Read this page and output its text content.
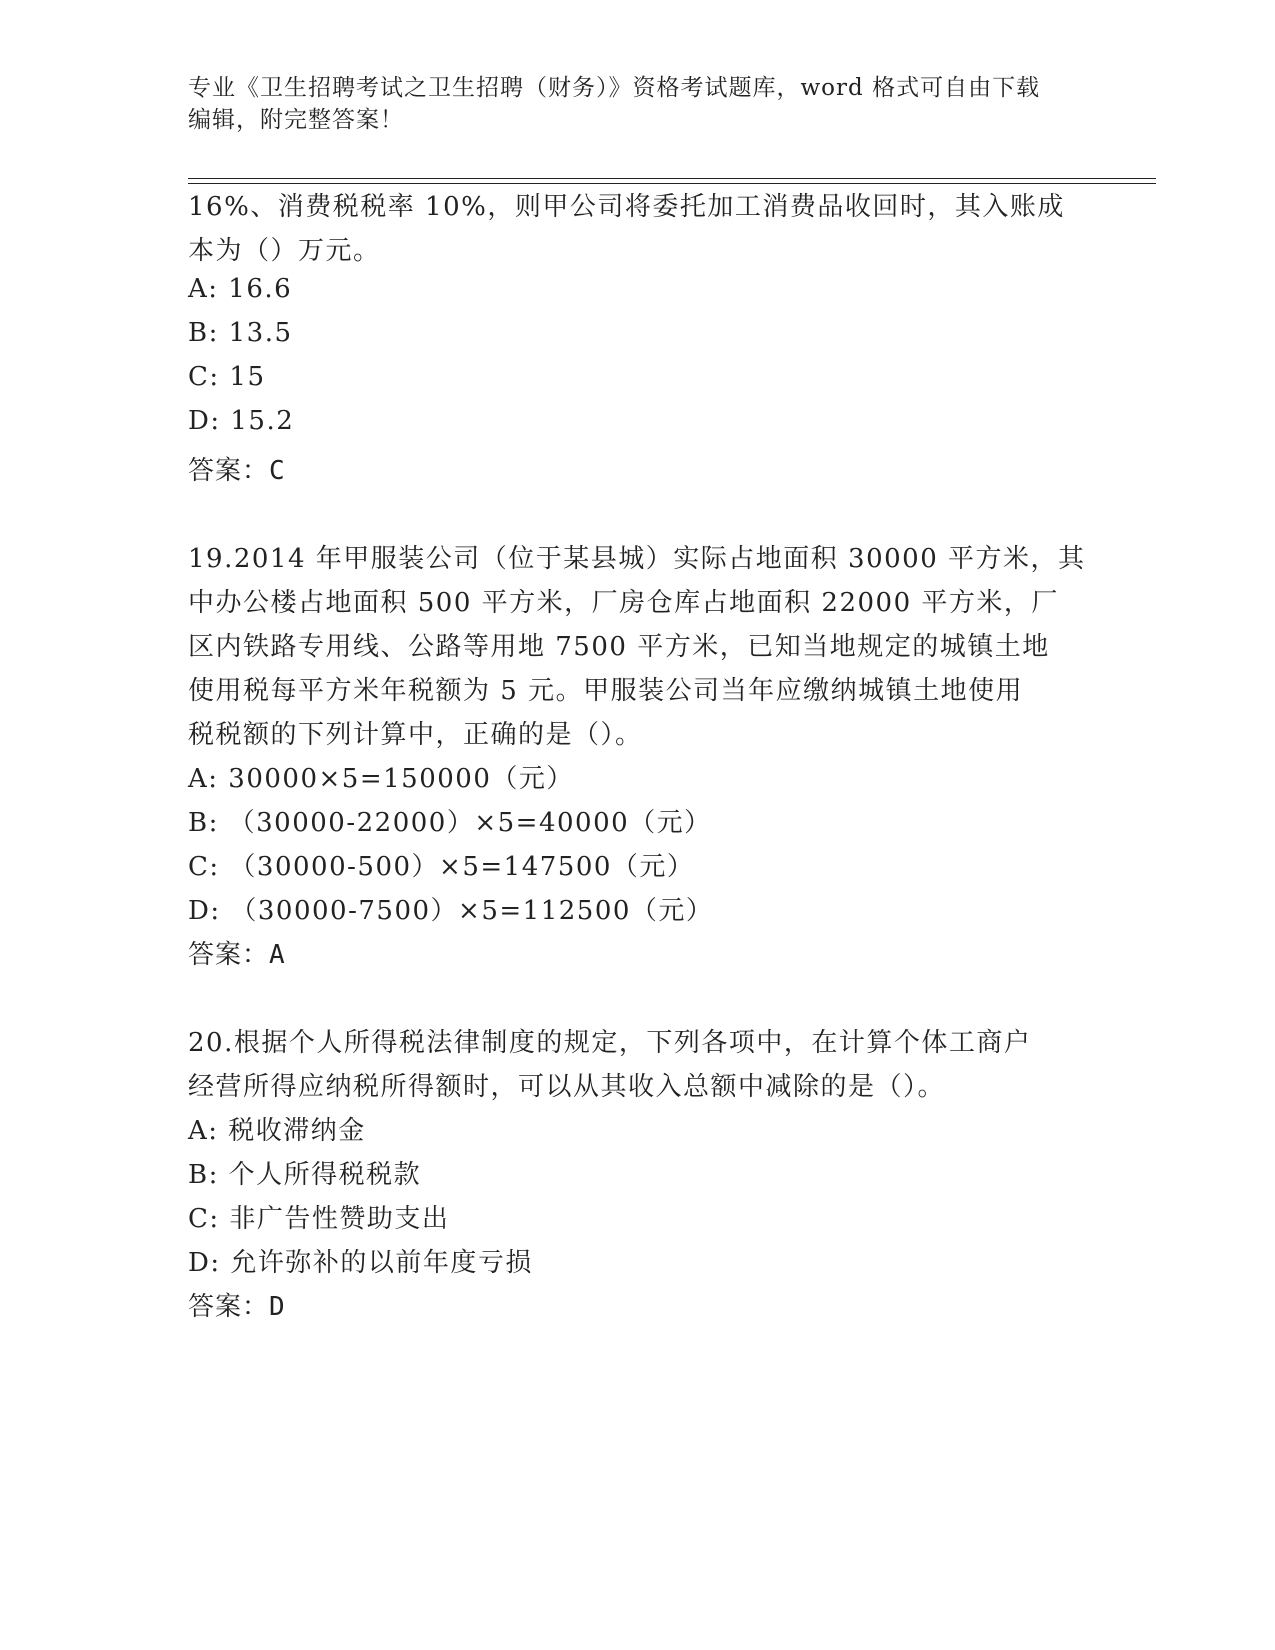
专业《卫生招聘考试之卫生招聘（财务）》资格考试题库，word 格式可自由下载
编辑，附完整答案！
16%、消费税税率 10%，则甲公司将委托加工消费品收回时，其入账成
本为（）万元。
A: 16.6
B: 13.5
C: 15
D: 15.2
答案：C
19.2014 年甲服装公司（位于某县城）实际占地面积 30000 平方米，其
中办公楼占地面积 500 平方米，厂房仓库占地面积 22000 平方米，厂
区内铁路专用线、公路等用地 7500 平方米，已知当地规定的城镇土地
使用税每平方米年税额为 5 元。甲服装公司当年应缴纳城镇土地使用
税税额的下列计算中，正确的是（）。
A: 30000×5=150000（元）
B: （30000-22000）×5=40000（元）
C: （30000-500）×5=147500（元）
D: （30000-7500）×5=112500（元）
答案：A
20.根据个人所得税法律制度的规定，下列各项中，在计算个体工商户
经营所得应纳税所得额时，可以从其收入总额中减除的是（）。
A: 税收滞纳金
B: 个人所得税税款
C: 非广告性赞助支出
D: 允许弥补的以前年度亏损
答案：D
